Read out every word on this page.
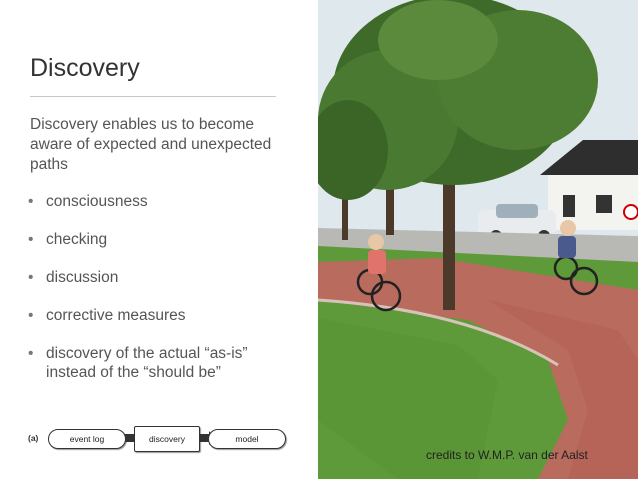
Discovery
Discovery enables us to become aware of expected and unexpected paths
• consciousness
• checking
• discussion
• corrective measures
• discovery of the actual “as-is” instead of the “should be”
(a)	event log	discovery	model
credits to W.M.P. van der Aalst
